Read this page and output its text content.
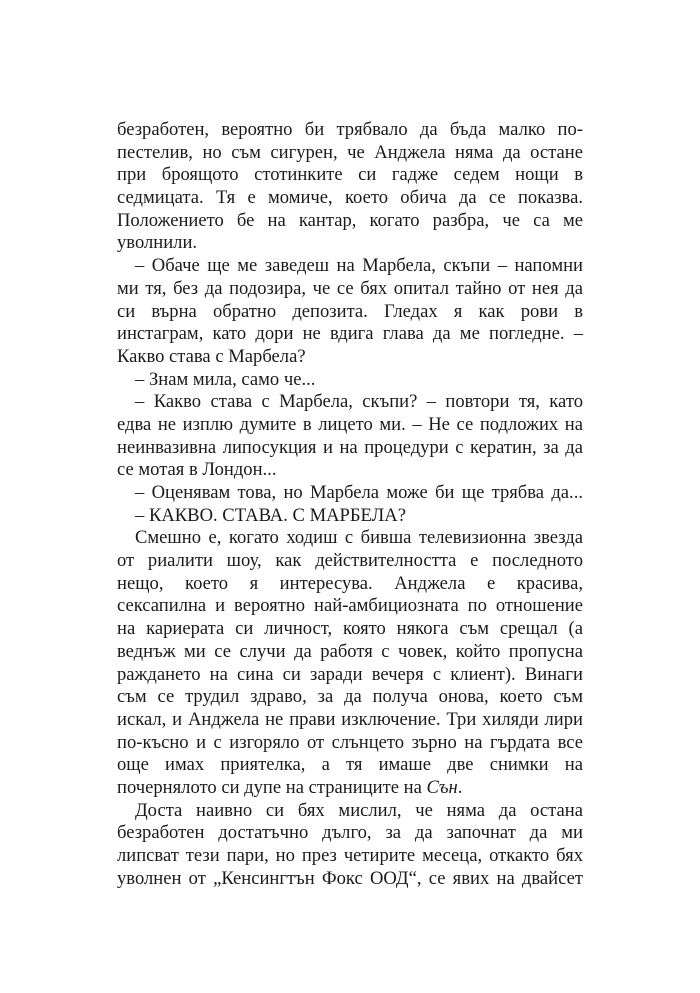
безработен, вероятно би трябвало да бъда малко по-
пестелив, но съм сигурен, че Анджела няма да остане
при броящото стотинките си гадже седем нощи в
седмицата. Тя е момиче, което обича да се показва.
Положението бе на кантар, когато разбра, че са ме
уволнили.
– Обаче ще ме заведеш на Марбела, скъпи – напомни
ми тя, без да подозира, че се бях опитал тайно от нея да
си върна обратно депозита. Гледах я как рови в
инстаграм, като дори не вдига глава да ме погледне. –
Какво става с Марбела?
– Знам мила, само че...
– Какво става с Марбела, скъпи? – повтори тя, като
едва не изплю думите в лицето ми. – Не се подложих на
неинвазивна липосукция и на процедури с кератин, за да
се мотая в Лондон...
– Оценявам това, но Марбела може би ще трябва да...
– КАКВО. СТАВА. С МАРБЕЛА?
Смешно е, когато ходиш с бивша телевизионна звезда
от риалити шоу, как действителността е последното
нещо, което я интересува. Анджела е красива,
сексапилна и вероятно най-амбициозната по отношение
на кариерата си личност, която някога съм срещал (а
веднъж ми се случи да работя с човек, който пропусна
раждането на сина си заради вечеря с клиент). Винаги
съм се трудил здраво, за да получа онова, което съм
искал, и Анджела не прави изключение. Три хиляди лири
по-късно и с изгоряло от слънцето зърно на гърдата все
още имах приятелка, а тя имаше две снимки на
почернялото си дупе на страниците на Сън.
Доста наивно си бях мислил, че няма да остана
безработен достатъчно дълго, за да започнат да ми
липсват тези пари, но през четирите месеца, откакто бях
уволнен от „Кенсингтън Фокс ООД“, се явих на двайсет
